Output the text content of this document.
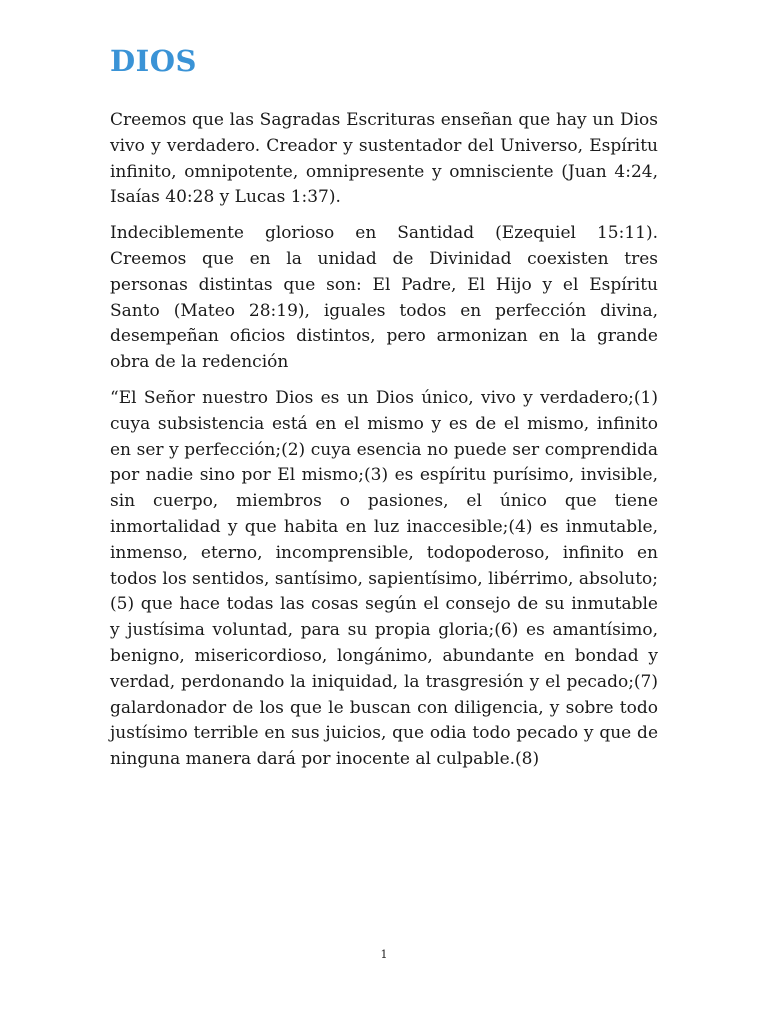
DIOS

Creemos que las Sagradas Escrituras enseñan que hay un Dios vivo y verdadero. Creador y sustentador del Universo, Espíritu infinito, omnipotente, omnipresente y omnisciente (Juan 4:24, Isaías 40:28 y Lucas 1:37).

Indeciblemente glorioso en Santidad (Ezequiel 15:11). Creemos que en la unidad de Divinidad coexisten tres personas distintas que son: El Padre, El Hijo y el Espíritu Santo (Mateo 28:19), iguales todos en perfección divina, desempeñan oficios distintos, pero armonizan en la grande obra de la redención

“El Señor nuestro Dios es un Dios único, vivo y verdadero;(1) cuya subsistencia está en el mismo y es de el mismo, infinito en ser y perfección;(2) cuya esencia no puede ser comprendida por nadie sino por El mismo;(3) es espíritu purísimo, invisible, sin cuerpo, miembros o pasiones, el único que tiene inmortalidad y que habita en luz inaccesible;(4) es inmutable, inmenso, eterno, incomprensible, todopoderoso, infinito en todos los sentidos, santísimo, sapientísimo, libérrimo, absoluto;(5) que hace todas las cosas según el consejo de su inmutable y justísima voluntad, para su propia gloria;(6) es amantísimo, benigno, misericordioso, longánimo, abundante en bondad y verdad, perdonando la iniquidad, la trasgresión y el pecado;(7) galardonador de los que le buscan con diligencia, y sobre todo justísimo terrible en sus juicios, que odia todo pecado y que de ninguna manera dará por inocente al culpable.(8)

1
